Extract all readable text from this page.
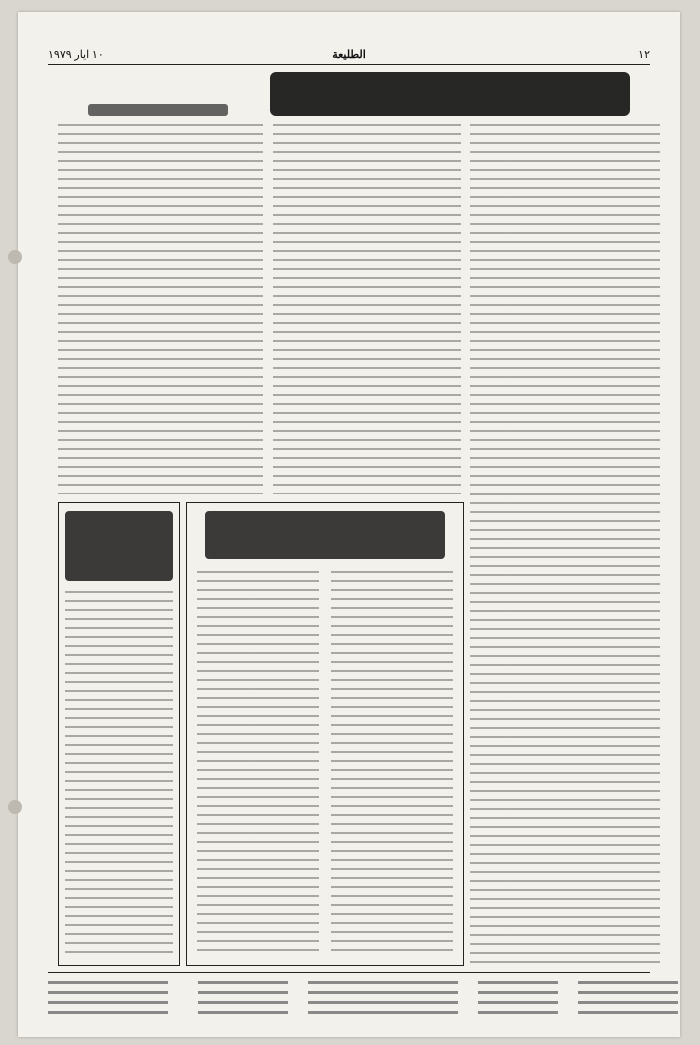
١٠ ايار ١٩٧٩	الطليعة	١٢
